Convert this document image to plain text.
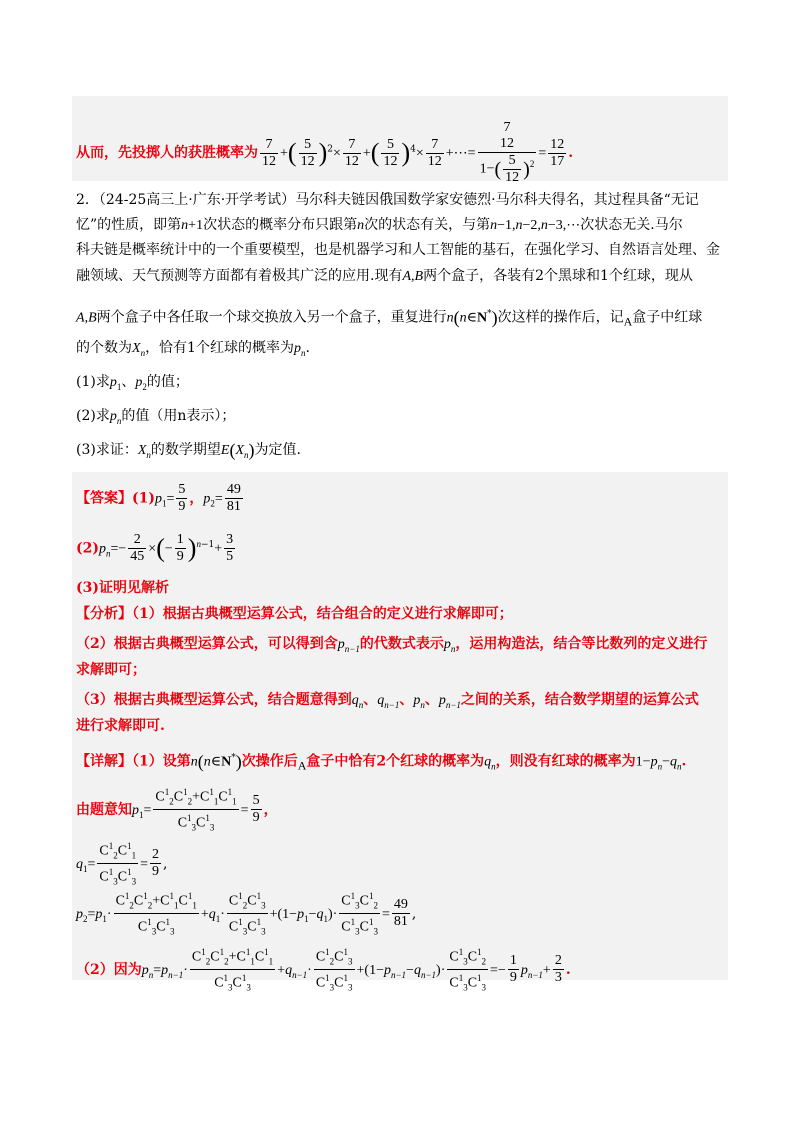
从而，先投掷人的获胜概率为 $\frac{7}{12}$ +( $\frac{5}{12} )^2\times \frac{7}{12}$ +( $\frac{5}{12} )^4\times \frac{7}{12}$ +⋯=
7
12
$1-( \frac{5}{12} )^2$
= $\frac{12}{17}$ .
2．（24-25高三上·广东·开学考试）马尔科夫链因俄国数学家安德烈·马尔科夫得名，其过程具备“无记
忆”的性质，即第n+1次状态的概率分布只跟第n次的状态有关，与第n−1,n−2,n−3,⋯次状态无关.马尔
科夫链是概率统计中的一个重要模型，也是机器学习和人工智能的基石，在强化学习、自然语言处理、金
融领域、天气预测等方面都有着极其广泛的应用.现有A,B两个盒子，各装有2个黑球和1个红球，现从
A,B两个盒子中各任取一个球交换放入另一个盒子，重复进行n(n∈N*)次这样的操作后，记$_A$盒子中红球
的个数为$X_n$，恰有1个红球的概率为$p_n$.
(1)求$p_1$、$p_2$的值；
(2)求$p_n$的值（用n表示）；
(3)求证：$X_n$的数学期望$E(X_n)$为定值.
【答案】$(1)p_1= \frac{5}{9}$ ，$p_2= \frac{49}{81}$
$(2)p_n=- \frac{2}{45}$ ×(− $\frac{1}{9} )^{n-1}+ \frac{3}{5}$
(3)证明见解析
【分析】（1）根据古典概型运算公式，结合组合的定义进行求解即可；
（2）根据古典概型运算公式，可以得到含$p_{n-1}$的代数式表示$p_n$，运用构造法，结合等比数列的定义进行
求解即可；
（3）根据古典概型运算公式，结合题意得到$q_n$、$q_{n-1}$、$p_n$、$p_{n-1}$之间的关系，结合数学期望的运算公式
进行求解即可.
【详解】（1）设第n(n∈N*)次操作后$_A$盒子中恰有2个红球的概率为$q_n$，则没有红球的概率为$1-p_n-q_n$.
由题意知$p_1= \frac{C^1_2C^1_2+C^1_1C^1_1}{C^1_3C^1_3} = \frac{5}{9}$ ，
$q_1= \frac{C^1_2C^1_1}{C^1_3C^1_3} = \frac{2}{9}$ ,
$p_2=p_1\cdot \frac{C^1_2C^1_2+C^1_1C^1_1}{C^1_3C^1_3} +q_1\cdot \frac{C^1_2C^1_3}{C^1_3C^1_3} +(1-p_1-q_1)\cdot \frac{C^1_3C^1_2}{C^1_3C^1_3} = \frac{49}{81}$ ,
（2）因为$p_n=p_{n-1}\cdot \frac{C^1_2C^1_2+C^1_1C^1_1}{C^1_3C^1_3} +q_{n-1}\cdot \frac{C^1_2C^1_3}{C^1_3C^1_3} +(1-p_{n-1}-q_{n-1})\cdot \frac{C^1_3C^1_2}{C^1_3C^1_3} =- \frac{1}{9} p_{n-1}+ \frac{2}{3}$ .
